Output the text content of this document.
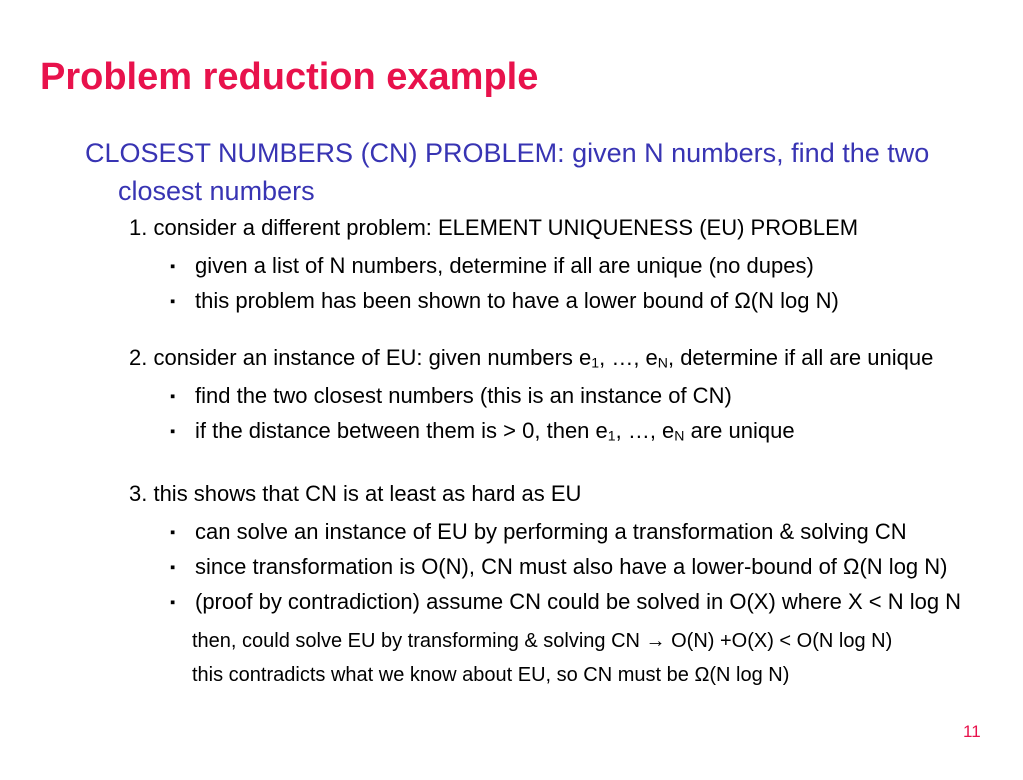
Problem reduction example
CLOSEST NUMBERS (CN) PROBLEM: given N numbers, find the two
closest numbers
1. consider a different problem: ELEMENT UNIQUENESS (EU) PROBLEM
▪ given a list of N numbers, determine if all are unique (no dupes)
▪ this problem has been shown to have a lower bound of Ω(N log N)
2. consider an instance of EU: given numbers e1, …, eN, determine if all are unique
▪ find the two closest numbers (this is an instance of CN)
▪ if the distance between them is > 0, then e1, …, eN are unique
3. this shows that CN is at least as hard as EU
▪ can solve an instance of EU by performing a transformation & solving CN
▪ since transformation is O(N), CN must also have a lower-bound of Ω(N log N)
▪ (proof by contradiction) assume CN could be solved in O(X) where X < N log N
then, could solve EU by transforming & solving CN → O(N) +O(X) < O(N log N)
this contradicts what we know about EU, so CN must be Ω(N log N)
11
